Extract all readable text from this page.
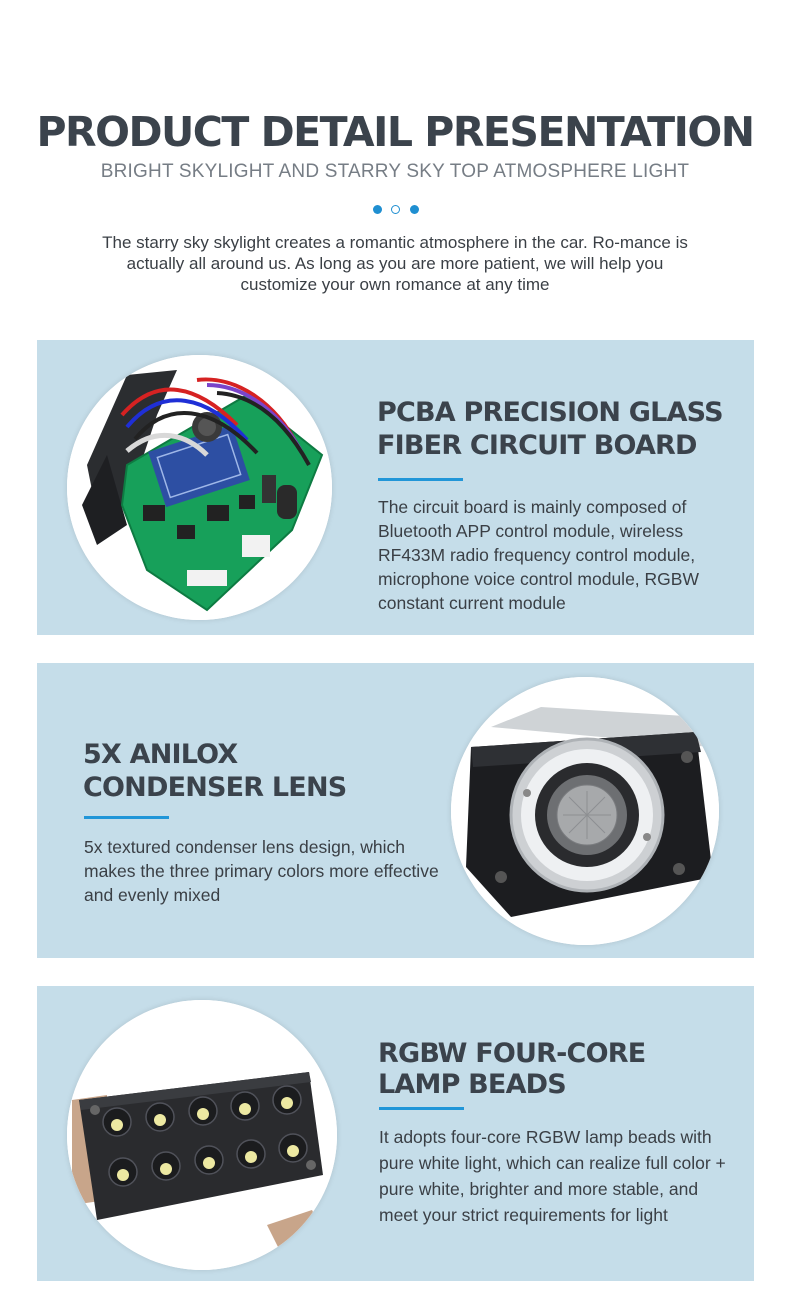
PRODUCT DETAIL PRESENTATION
BRIGHT SKYLIGHT AND STARRY SKY TOP ATMOSPHERE LIGHT
The starry sky skylight creates a romantic atmosphere in the car. Ro-mance is actually all around us. As long as you are more patient, we will help you customize your own romance at any time
PCBA PRECISION GLASS
FIBER CIRCUIT BOARD
The circuit board is mainly composed of Bluetooth APP control module, wireless RF433M radio frequency control module, microphone voice control module, RGBW constant current module
5X ANILOX
CONDENSER LENS
5x textured condenser lens design, which makes the three primary colors more effective and evenly mixed
RGBW FOUR-CORE
LAMP BEADS
It adopts four-core RGBW lamp beads with pure white light, which can realize full color + pure white, brighter and more stable, and meet your strict requirements for light
